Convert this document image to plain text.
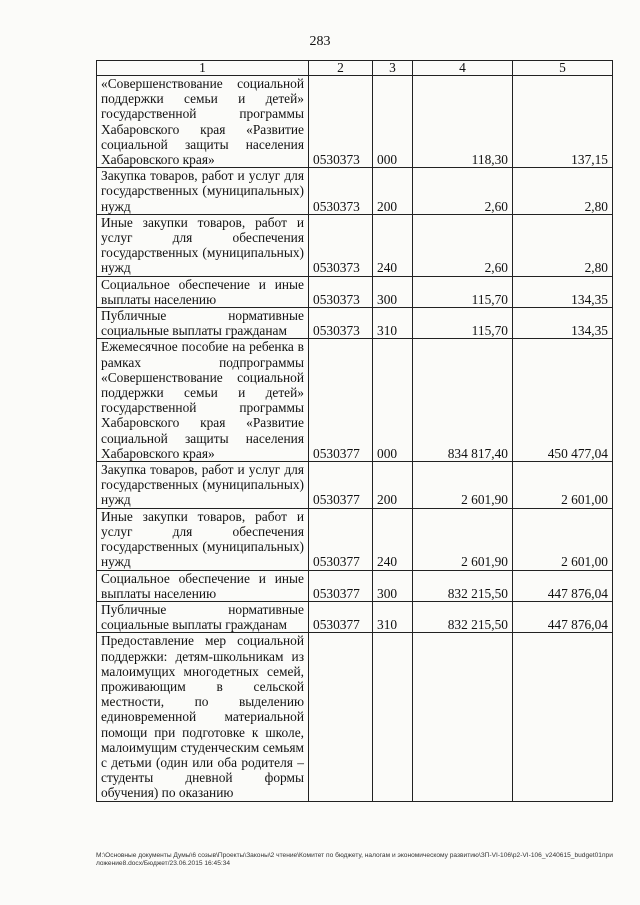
283
1	2	3	4	5
«Совершенствование социальной поддержки семьи и детей» государственной программы Хабаровского края «Развитие социальной защиты населения Хабаровского края»	0530373	000	118,30	137,15
Закупка товаров, работ и услуг для государственных (муниципальных) нужд	0530373	200	2,60	2,80
Иные закупки товаров, работ и услуг для обеспечения государственных (муниципальных) нужд	0530373	240	2,60	2,80
Социальное обеспечение и иные выплаты населению	0530373	300	115,70	134,35
Публичные нормативные социальные выплаты гражданам	0530373	310	115,70	134,35
Ежемесячное пособие на ребенка в рамках подпрограммы «Совершенствование социальной поддержки семьи и детей» государственной программы Хабаровского края «Развитие социальной защиты населения Хабаровского края»	0530377	000	834 817,40	450 477,04
Закупка товаров, работ и услуг для государственных (муниципальных) нужд	0530377	200	2 601,90	2 601,00
Иные закупки товаров, работ и услуг для обеспечения государственных (муниципальных) нужд	0530377	240	2 601,90	2 601,00
Социальное обеспечение и иные выплаты населению	0530377	300	832 215,50	447 876,04
Публичные нормативные социальные выплаты гражданам	0530377	310	832 215,50	447 876,04
Предоставление мер социальной поддержки: детям-школьникам из малоимущих многодетных семей, проживающим в сельской местности, по выделению единовременной материальной помощи при подготовке к школе, малоимущим студенческим семьям с детьми (один или оба родителя – студенты дневной формы обучения) по оказанию				
M:\Основные документы Думы\6 созыв\Проекты\Законы\2 чтение\Комитет по бюджету, налогам и экономическому развитию\ЗП-VI-106\р2-VI-106_v240615_budget01приложение8.docx/Бюджет/23.06.2015 16:45:34
